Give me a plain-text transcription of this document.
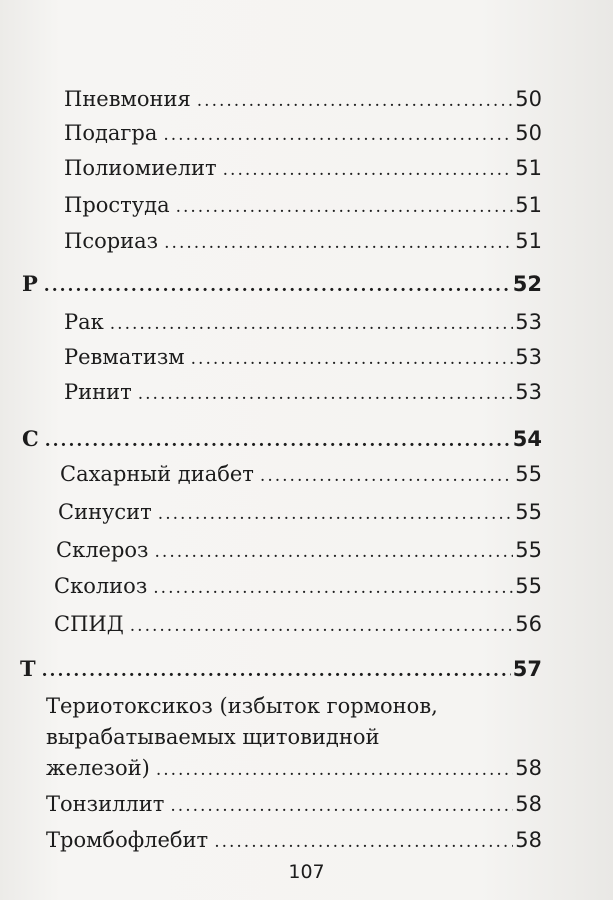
Пневмония .....	50
Подагра .....	50
Полиомиелит .....	51
Простуда .....	51
Псориаз .....	51
Р .....	52
Рак .....	53
Ревматизм .....	53
Ринит .....	53
С .....	54
Сахарный диабет .....	55
Синусит .....	55
Склероз .....	55
Сколиоз .....	55
СПИД .....	56
Т .....	57
Териотоксикоз (избыток гормонов,
вырабатываемых щитовидной
железой) .....	58
Тонзиллит .....	58
Тромбофлебит .....	58
107
